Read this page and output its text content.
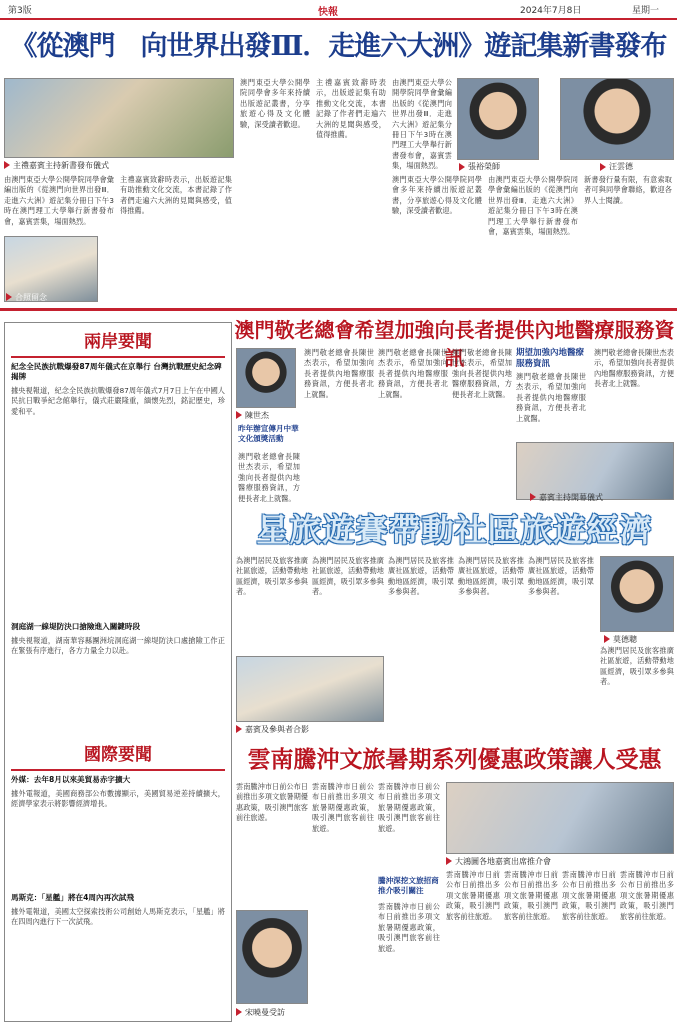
第3版	快報	2024年7月8日	星期一
《從澳門　向世界出發Ⅲ．走進六大洲》遊記集新書發布
主禮嘉賓主持新書發布儀式
由澳門東亞大學公開學院同學會彙編出版的《從澳門向世界出發Ⅲ．走進六大洲》遊記集分冊日下午3時在澳門理工大學舉行新書發布會，嘉賓雲集，場面熱烈。
主禮嘉賓致辭時表示，出版遊記集有助推動文化交流，本書記錄了作者們走遍六大洲的見聞與感受，值得推薦。
合照留念
澳門東亞大學公開學院同學會多年來持續出版遊記叢書，分享旅遊心得及文化體驗，深受讀者歡迎。
主禮嘉賓致辭時表示，出版遊記集有助推動文化交流，本書記錄了作者們走遍六大洲的見聞與感受，值得推薦。
由澳門東亞大學公開學院同學會彙編出版的《從澳門向世界出發Ⅲ．走進六大洲》遊記集分冊日下午3時在澳門理工大學舉行新書發布會，嘉賓雲集，場面熱烈。	張裕榮師	汪雲德
澳門東亞大學公開學院同學會多年來持續出版遊記叢書，分享旅遊心得及文化體驗，深受讀者歡迎。
由澳門東亞大學公開學院同學會彙編出版的《從澳門向世界出發Ⅲ．走進六大洲》遊記集分冊日下午3時在澳門理工大學舉行新書發布會，嘉賓雲集，場面熱烈。
新書發行量有限，有意索取者可與同學會聯絡，歡迎各界人士閱讀。
兩岸要聞
紀念全民族抗戰爆發87周年儀式在京舉行 台灣抗戰歷史紀念碑揭牌
據央視報道，紀念全民族抗戰爆發87周年儀式7月7日上午在中國人民抗日戰爭紀念館舉行，儀式莊嚴隆重，緬懷先烈，銘記歷史，珍愛和平。
洞庭湖一線堤防決口搶險進入關鍵時段
據央視報道，湖南華容縣團洲垸洞庭湖一線堤防決口處搶險工作正在緊張有序進行，各方力量全力以赴。
國際要聞
外媒：去年8月以來美貿易赤字擴大
據外電報道，美國商務部公布數據顯示，美國貿易逆差持續擴大，經濟學家表示將影響經濟增長。
馬斯克：「星艦」將在4周內再次試飛
據外電報道，美國太空探索技術公司創始人馬斯克表示，「星艦」將在四周內進行下一次試飛。
澳門敬老總會希望加強向長者提供內地醫療服務資訊
陳世杰
昨年辦宣傳月中華文化頒獎活動
澳門敬老總會長陳世杰表示，希望加強向長者提供內地醫療服務資訊，方便長者北上就醫。
澳門敬老總會長陳世杰表示，希望加強向長者提供內地醫療服務資訊，方便長者北上就醫。
澳門敬老總會長陳世杰表示，希望加強向長者提供內地醫療服務資訊，方便長者北上就醫。
澳門敬老總會長陳世杰表示，希望加強向長者提供內地醫療服務資訊，方便長者北上就醫。
期望加強內地醫療服務資訊
澳門敬老總會長陳世杰表示，希望加強向長者提供內地醫療服務資訊，方便長者北上就醫。
澳門敬老總會長陳世杰表示，希望加強向長者提供內地醫療服務資訊，方便長者北上就醫。
嘉賓主持開幕儀式
星旅遊賽帶動社區旅遊經濟
為澳門居民及旅客推廣社區旅遊，活動帶動地區經濟，吸引眾多參與者。
為澳門居民及旅客推廣社區旅遊，活動帶動地區經濟，吸引眾多參與者。
為澳門居民及旅客推廣社區旅遊，活動帶動地區經濟，吸引眾多參與者。
為澳門居民及旅客推廣社區旅遊，活動帶動地區經濟，吸引眾多參與者。
為澳門居民及旅客推廣社區旅遊，活動帶動地區經濟，吸引眾多參與者。
嘉賓及參與者合影
莫德聰
為澳門居民及旅客推廣社區旅遊，活動帶動地區經濟，吸引眾多參與者。
雲南騰沖文旅暑期系列優惠政策讓人受惠
雲南騰沖市日前公布日前推出多項文旅暑期優惠政策，吸引澳門旅客前往旅遊。
宋曉曼受訪
雲南騰沖市日前公布日前推出多項文旅暑期優惠政策，吸引澳門旅客前往旅遊。
雲南騰沖市日前公布日前推出多項文旅暑期優惠政策，吸引澳門旅客前往旅遊。
騰沖深挖文旅招商推介吸引關注
雲南騰沖市日前公布日前推出多項文旅暑期優惠政策，吸引澳門旅客前往旅遊。
大鴻圖各地嘉賓出席推介會
雲南騰沖市日前公布日前推出多項文旅暑期優惠政策，吸引澳門旅客前往旅遊。
雲南騰沖市日前公布日前推出多項文旅暑期優惠政策，吸引澳門旅客前往旅遊。
雲南騰沖市日前公布日前推出多項文旅暑期優惠政策，吸引澳門旅客前往旅遊。
雲南騰沖市日前公布日前推出多項文旅暑期優惠政策，吸引澳門旅客前往旅遊。
